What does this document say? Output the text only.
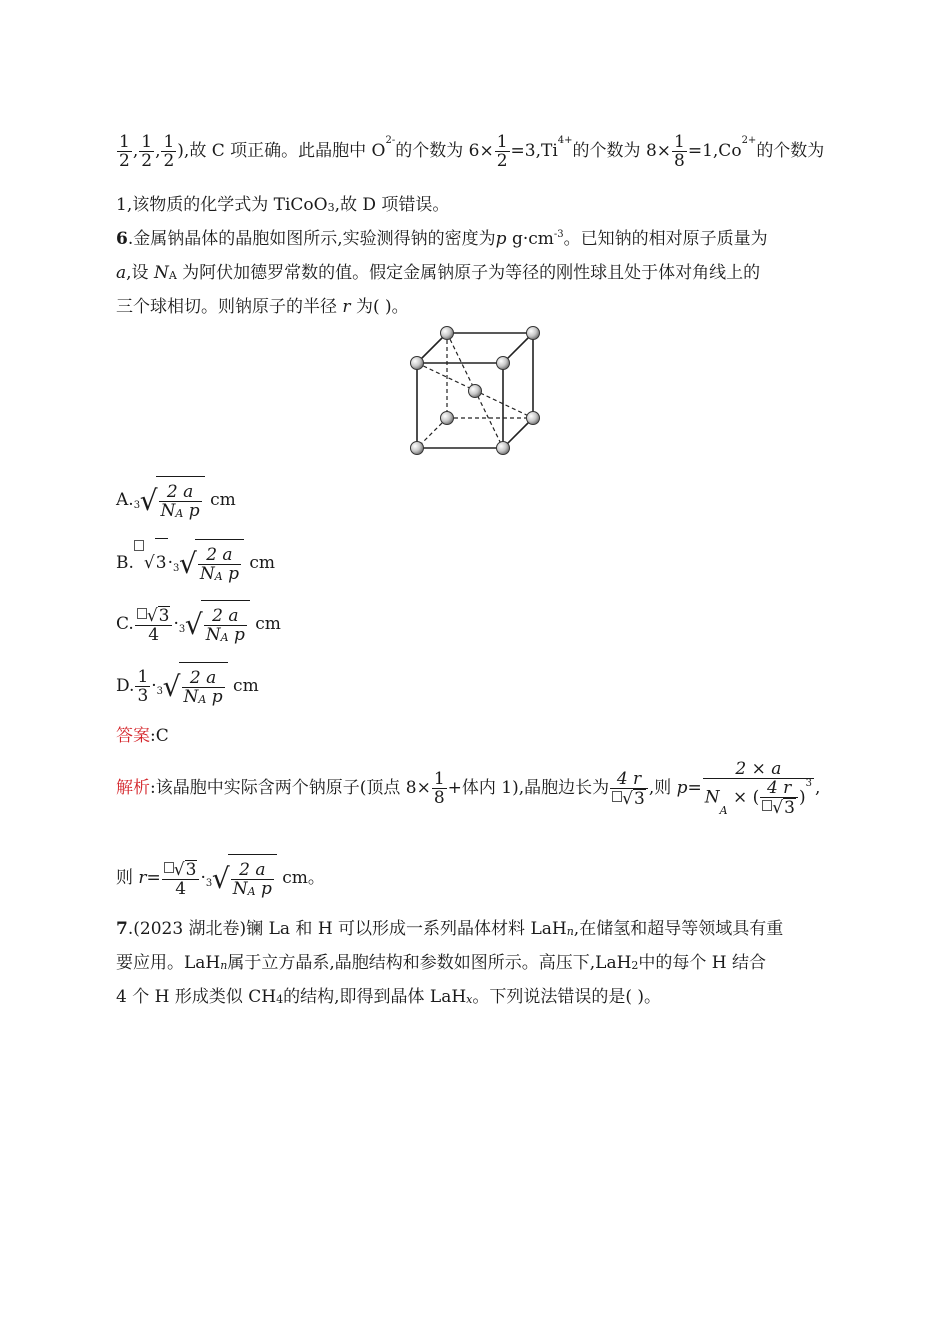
$\frac{1}{2}$ , $\frac{1}{2}$ , $\frac{1}{2}$ ),故 C 项正确。此晶胞中 $O^{2-}$的个数为 $6\times \frac{1}{2} =3,Ti^{4+}$的个数为 $8\times \frac{1}{8} =1,Co^{2+}$的个数为
1,该物质的化学式为 TiCoO$_3$,故 D 项错误。
6.金属钠晶体的晶胞如图所示,实验测得钠的密度为p $g\cdot cm^{-3}$。已知钠的相对原子质量为
a,设 $N_A$ 为阿伏加德罗常数的值。假定金属钠原子为等径的刚性球且处于体对角线上的
三个球相切。则钠原子的半径 r 为( )。
A. 3 √ $\frac{2 a}{N_A p}$ cm
B. √3· 3 √ $\frac{2 a}{N_A p}$ cm
C. $\frac{√3}{4} \cdot 3$ √ $\frac{2 a}{N_A p}$ cm
D. $\frac{1}{3} \cdot 3$ √ $\frac{2 a}{N_A p}$ cm
答案:C
解析:该晶胞中实际含两个钠原子(顶点 $8\times \frac{1}{8}$ +体内 1),晶胞边长为 $\frac{4 r}{√3}$ ,则 $p= \frac{2 \times a}{N_A \times ( \frac{4 r}{√3} )^3}$ ,
则 $r= \frac{√3}{4} \cdot 3$ √ $\frac{2 a}{N_A p}$ cm。
7.(2023 湖北卷)镧 La 和 H 可以形成一系列晶体材料 LaH$_n$,在储氢和超导等领域具有重
要应用。LaH$_n$属于立方晶系,晶胞结构和参数如图所示。高压下,LaH$_2$中的每个 H 结合
4 个 H 形成类似 $CH_4$的结构,即得到晶体 LaH$_x$。下列说法错误的是( )。
